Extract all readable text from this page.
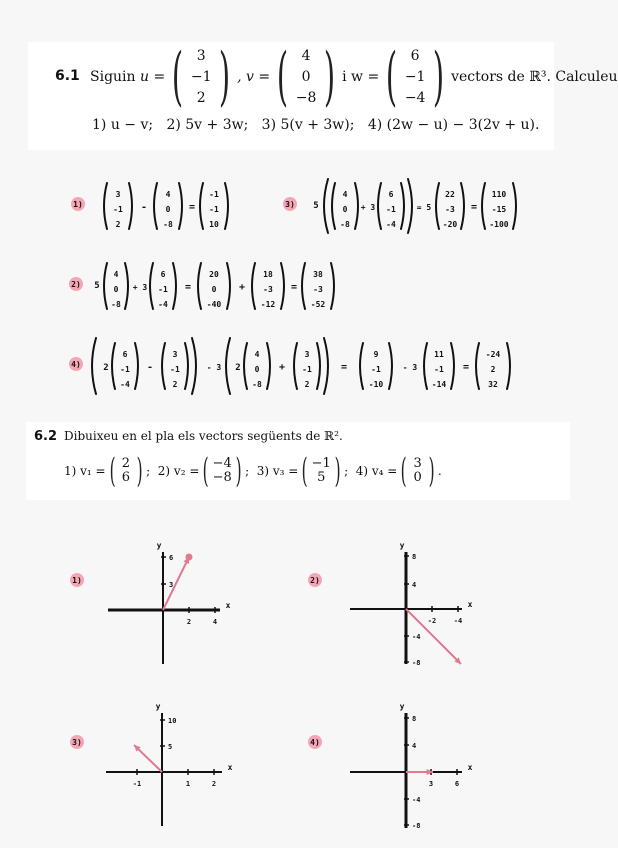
6.1 Siguin
u = ( 3
−1
2 ) , v = ( 4
0
−8 ) i w = ( 6
−1
−4 ) vectors de ℝ³. Calculeu
1) u − v;   2) 5v + 3w;   3) 5(v + 3w);   4) (2w − u) − 3(2v + u).
1)
3
-1
2
-
4
0
-8
=
-1
-1
10
3) 5
4
0
-8
+ 3
6
-1
-4
= 5
22
-3
-20
=
110
-15
-100
2) 5
4
0
-8
+ 3
6
-1
-4
=
20
0
-40
+
18
-3
-12
=
38
-3
-52
4) 2
6
-1
-4
-
3
-1
2
- 3 2
4
0
-8
+
3
-1
2
=
9
-1
-10
- 3
11
-1
-14
=
-24
2
32
6.2 Dibuixeu en el pla els vectors següents de ℝ².
1) v₁ = ( 2
6 ) ; 2) v₂ = ( −4
−8 ) ; 3) v₃ = ( −1
5 ) ; 4) v₄ = ( 3
0 ) .
1)
x
y
6
3
2	4
2)
x
y
8
4
-4
-8
-2	-4
3)
x
y
10
5
-1	1	2
4)
x
y
8
4
-4
-8
3	6
